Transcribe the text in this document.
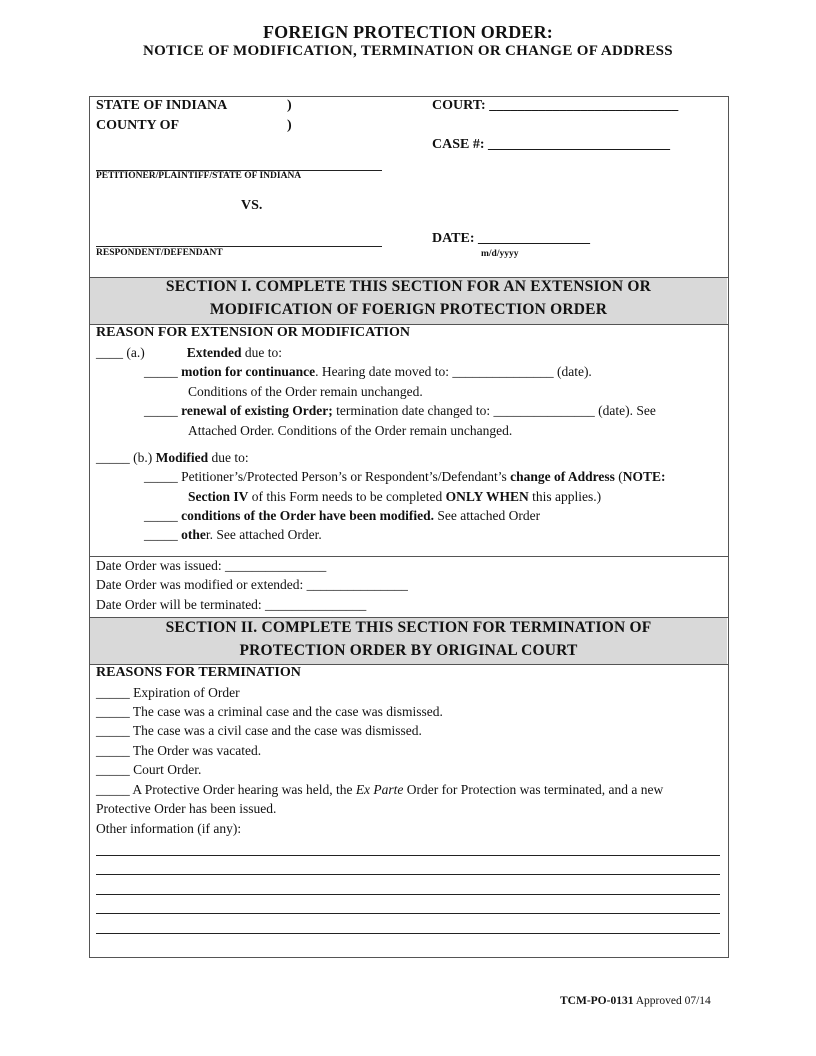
FOREIGN PROTECTION ORDER:
NOTICE OF MODIFICATION, TERMINATION OR CHANGE OF ADDRESS
STATE OF INDIANA	)
COUNTY OF	)
COURT: ___________________________
CASE #: __________________________
PETITIONER/PLAINTIFF/STATE OF INDIANA
VS.
RESPONDENT/DEFENDANT
DATE: ________________
m/d/yyyy
SECTION I. COMPLETE THIS SECTION FOR AN EXTENSION OR
MODIFICATION OF FOERIGN PROTECTION ORDER
REASON FOR EXTENSION OR MODIFICATION
____ (a.)	Extended due to:
_____ motion for continuance. Hearing date moved to: _______________ (date).
Conditions of the Order remain unchanged.
_____ renewal of existing Order; termination date changed to: _______________ (date). See
Attached Order. Conditions of the Order remain unchanged.
_____ (b.) Modified due to:
_____ Petitioner’s/Protected Person’s or Respondent’s/Defendant’s change of Address (NOTE:
Section IV of this Form needs to be completed ONLY WHEN this applies.)
_____ conditions of the Order have been modified. See attached Order
_____ other. See attached Order.
Date Order was issued: _______________
Date Order was modified or extended: _______________
Date Order will be terminated: _______________
SECTION II. COMPLETE THIS SECTION FOR TERMINATION OF
PROTECTION ORDER BY ORIGINAL COURT
REASONS FOR TERMINATION
_____ Expiration of Order
_____ The case was a criminal case and the case was dismissed.
_____ The case was a civil case and the case was dismissed.
_____ The Order was vacated.
_____ Court Order.
_____ A Protective Order hearing was held, the Ex Parte Order for Protection was terminated, and a new
Protective Order has been issued.
Other information (if any):
TCM-PO-0131 Approved 07/14
